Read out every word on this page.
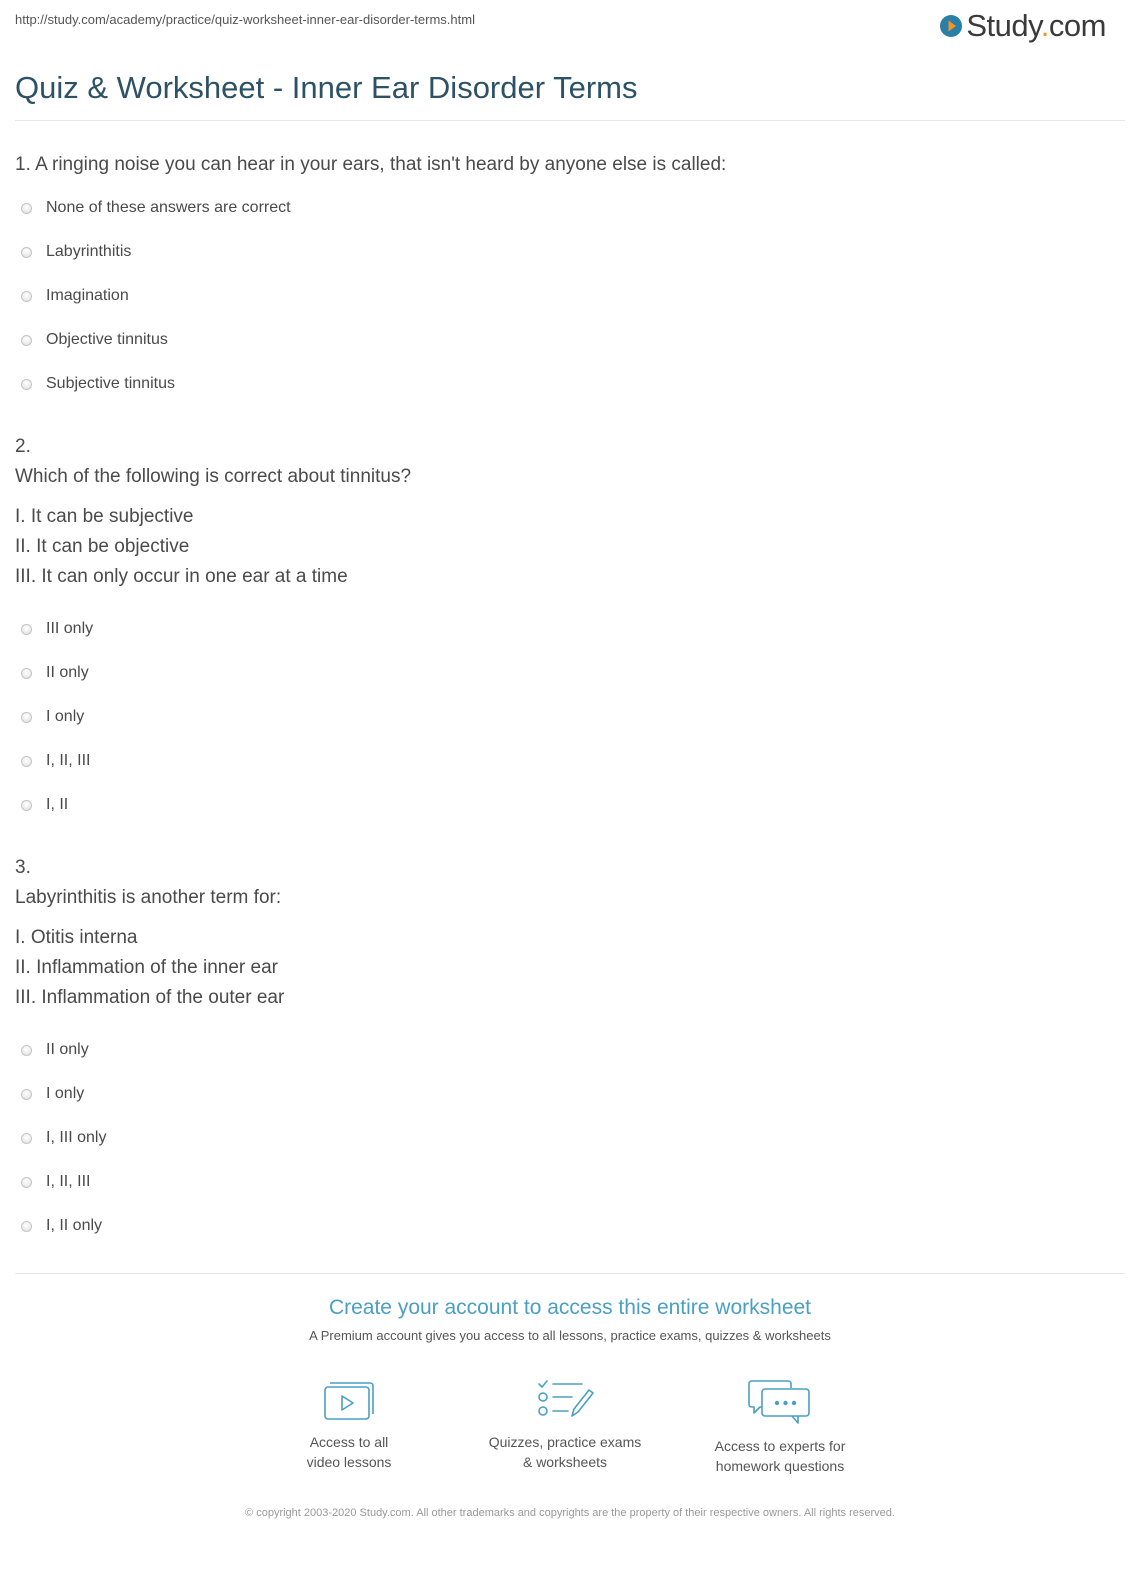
http://study.com/academy/practice/quiz-worksheet-inner-ear-disorder-terms.html	Study.com
Quiz & Worksheet - Inner Ear Disorder Terms
1. A ringing noise you can hear in your ears, that isn't heard by anyone else is called:
None of these answers are correct
Labyrinthitis
Imagination
Objective tinnitus
Subjective tinnitus
2.
Which of the following is correct about tinnitus?
I. It can be subjective
II. It can be objective
III. It can only occur in one ear at a time
III only
II only
I only
I, II, III
I, II
3.
Labyrinthitis is another term for:
I. Otitis interna
II. Inflammation of the inner ear
III. Inflammation of the outer ear
II only
I only
I, III only
I, II, III
I, II only
Create your account to access this entire worksheet
A Premium account gives you access to all lessons, practice exams, quizzes & worksheets
Access to all
video lessons
Quizzes, practice exams
& worksheets
Access to experts for
homework questions
© copyright 2003-2020 Study.com. All other trademarks and copyrights are the property of their respective owners. All rights reserved.
